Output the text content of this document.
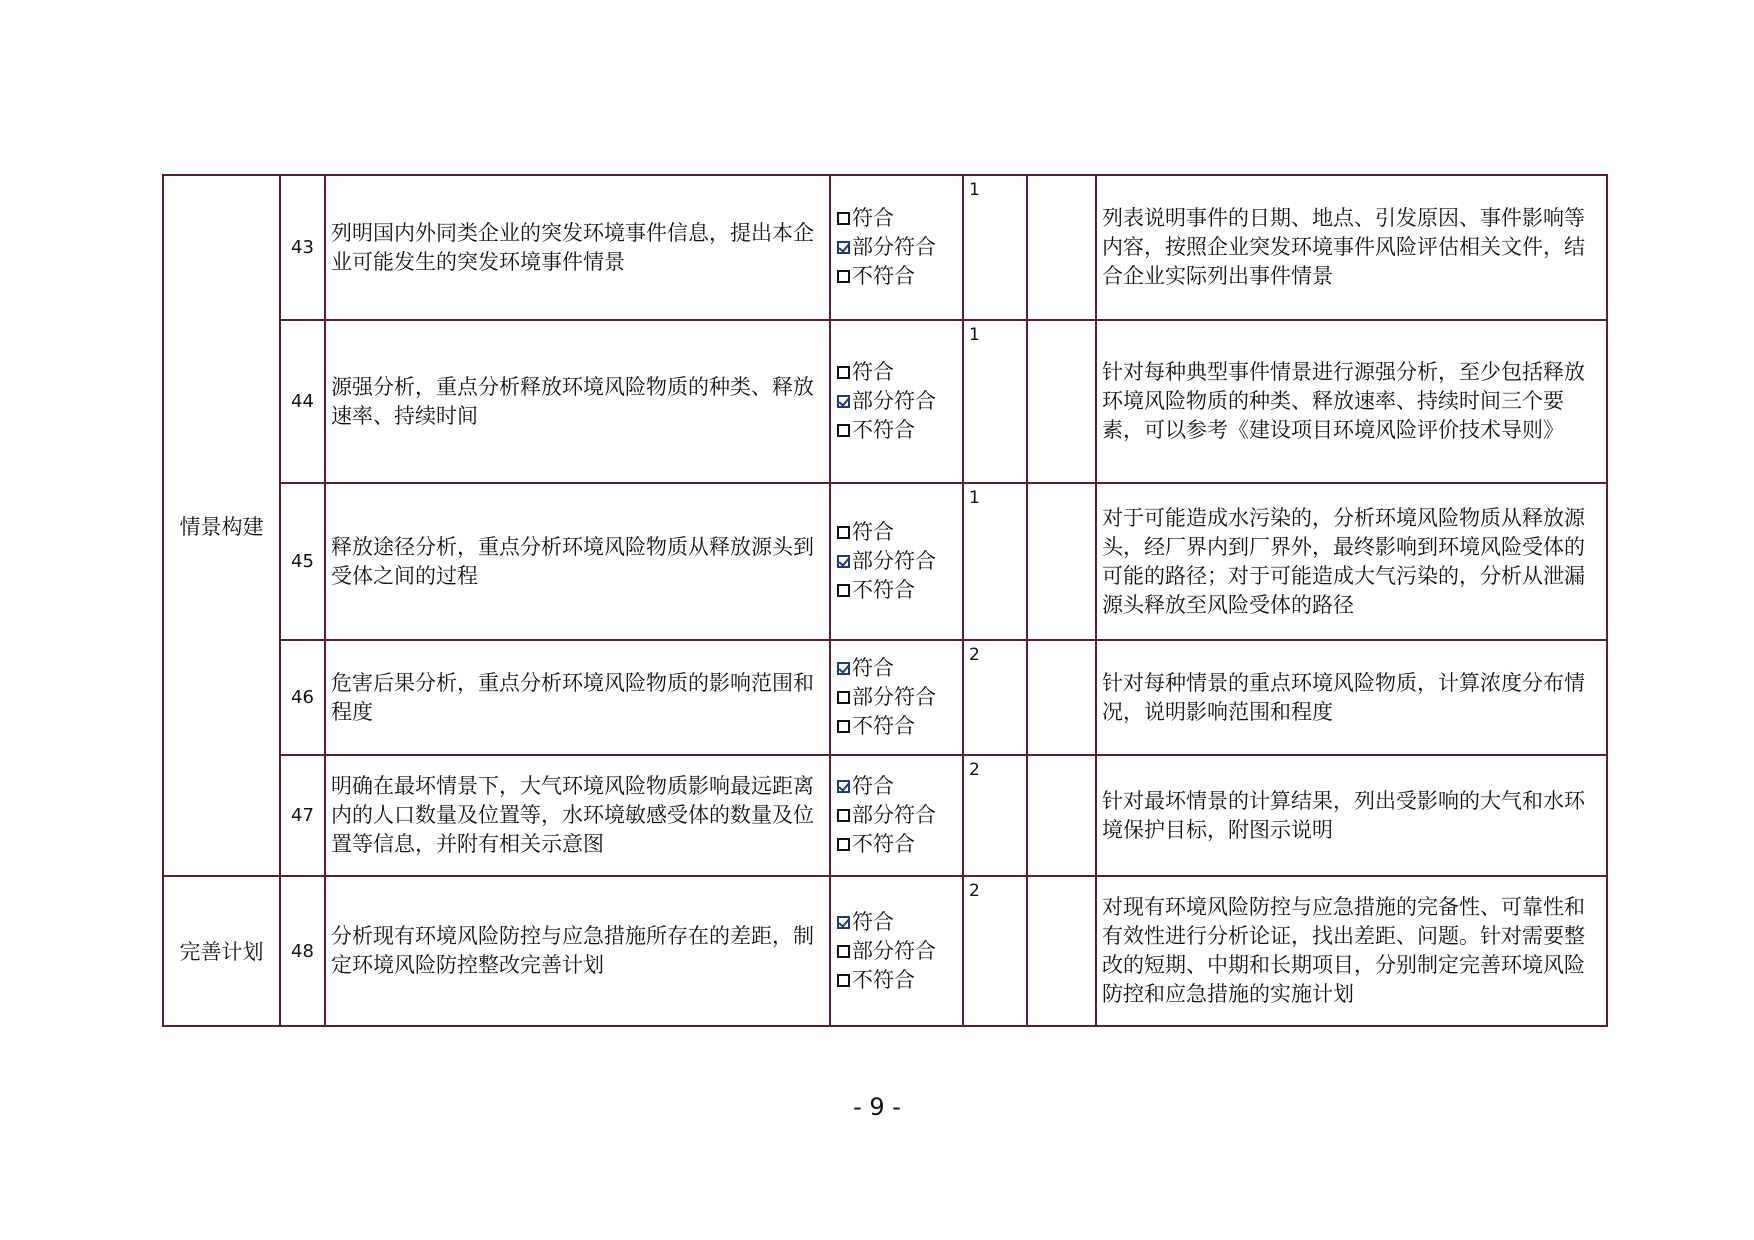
情景构建	43	列明国内外同类企业的突发环境事件信息，提出本企业可能发生的突发环境事件情景	符合
部分符合
不符合	1		列表说明事件的日期、地点、引发原因、事件影响等内容，按照企业突发环境事件风险评估相关文件，结合企业实际列出事件情景
	44	源强分析，重点分析释放环境风险物质的种类、释放速率、持续时间	符合
部分符合
不符合	1		针对每种典型事件情景进行源强分析，至少包括释放环境风险物质的种类、释放速率、持续时间三个要素，可以参考《建设项目环境风险评价技术导则》
	45	释放途径分析，重点分析环境风险物质从释放源头到受体之间的过程	符合
部分符合
不符合	1		对于可能造成水污染的，分析环境风险物质从释放源头，经厂界内到厂界外，最终影响到环境风险受体的可能的路径；对于可能造成大气污染的，分析从泄漏源头释放至风险受体的路径
	46	危害后果分析，重点分析环境风险物质的影响范围和程度	符合
部分符合
不符合	2		针对每种情景的重点环境风险物质，计算浓度分布情况，说明影响范围和程度
	47	明确在最坏情景下，大气环境风险物质影响最远距离内的人口数量及位置等，水环境敏感受体的数量及位置等信息，并附有相关示意图	符合
部分符合
不符合	2		针对最坏情景的计算结果，列出受影响的大气和水环境保护目标，附图示说明
完善计划	48	分析现有环境风险防控与应急措施所存在的差距，制定环境风险防控整改完善计划	符合
部分符合
不符合	2		对现有环境风险防控与应急措施的完备性、可靠性和有效性进行分析论证，找出差距、问题。针对需要整改的短期、中期和长期项目，分别制定完善环境风险防控和应急措施的实施计划
- 9 -
